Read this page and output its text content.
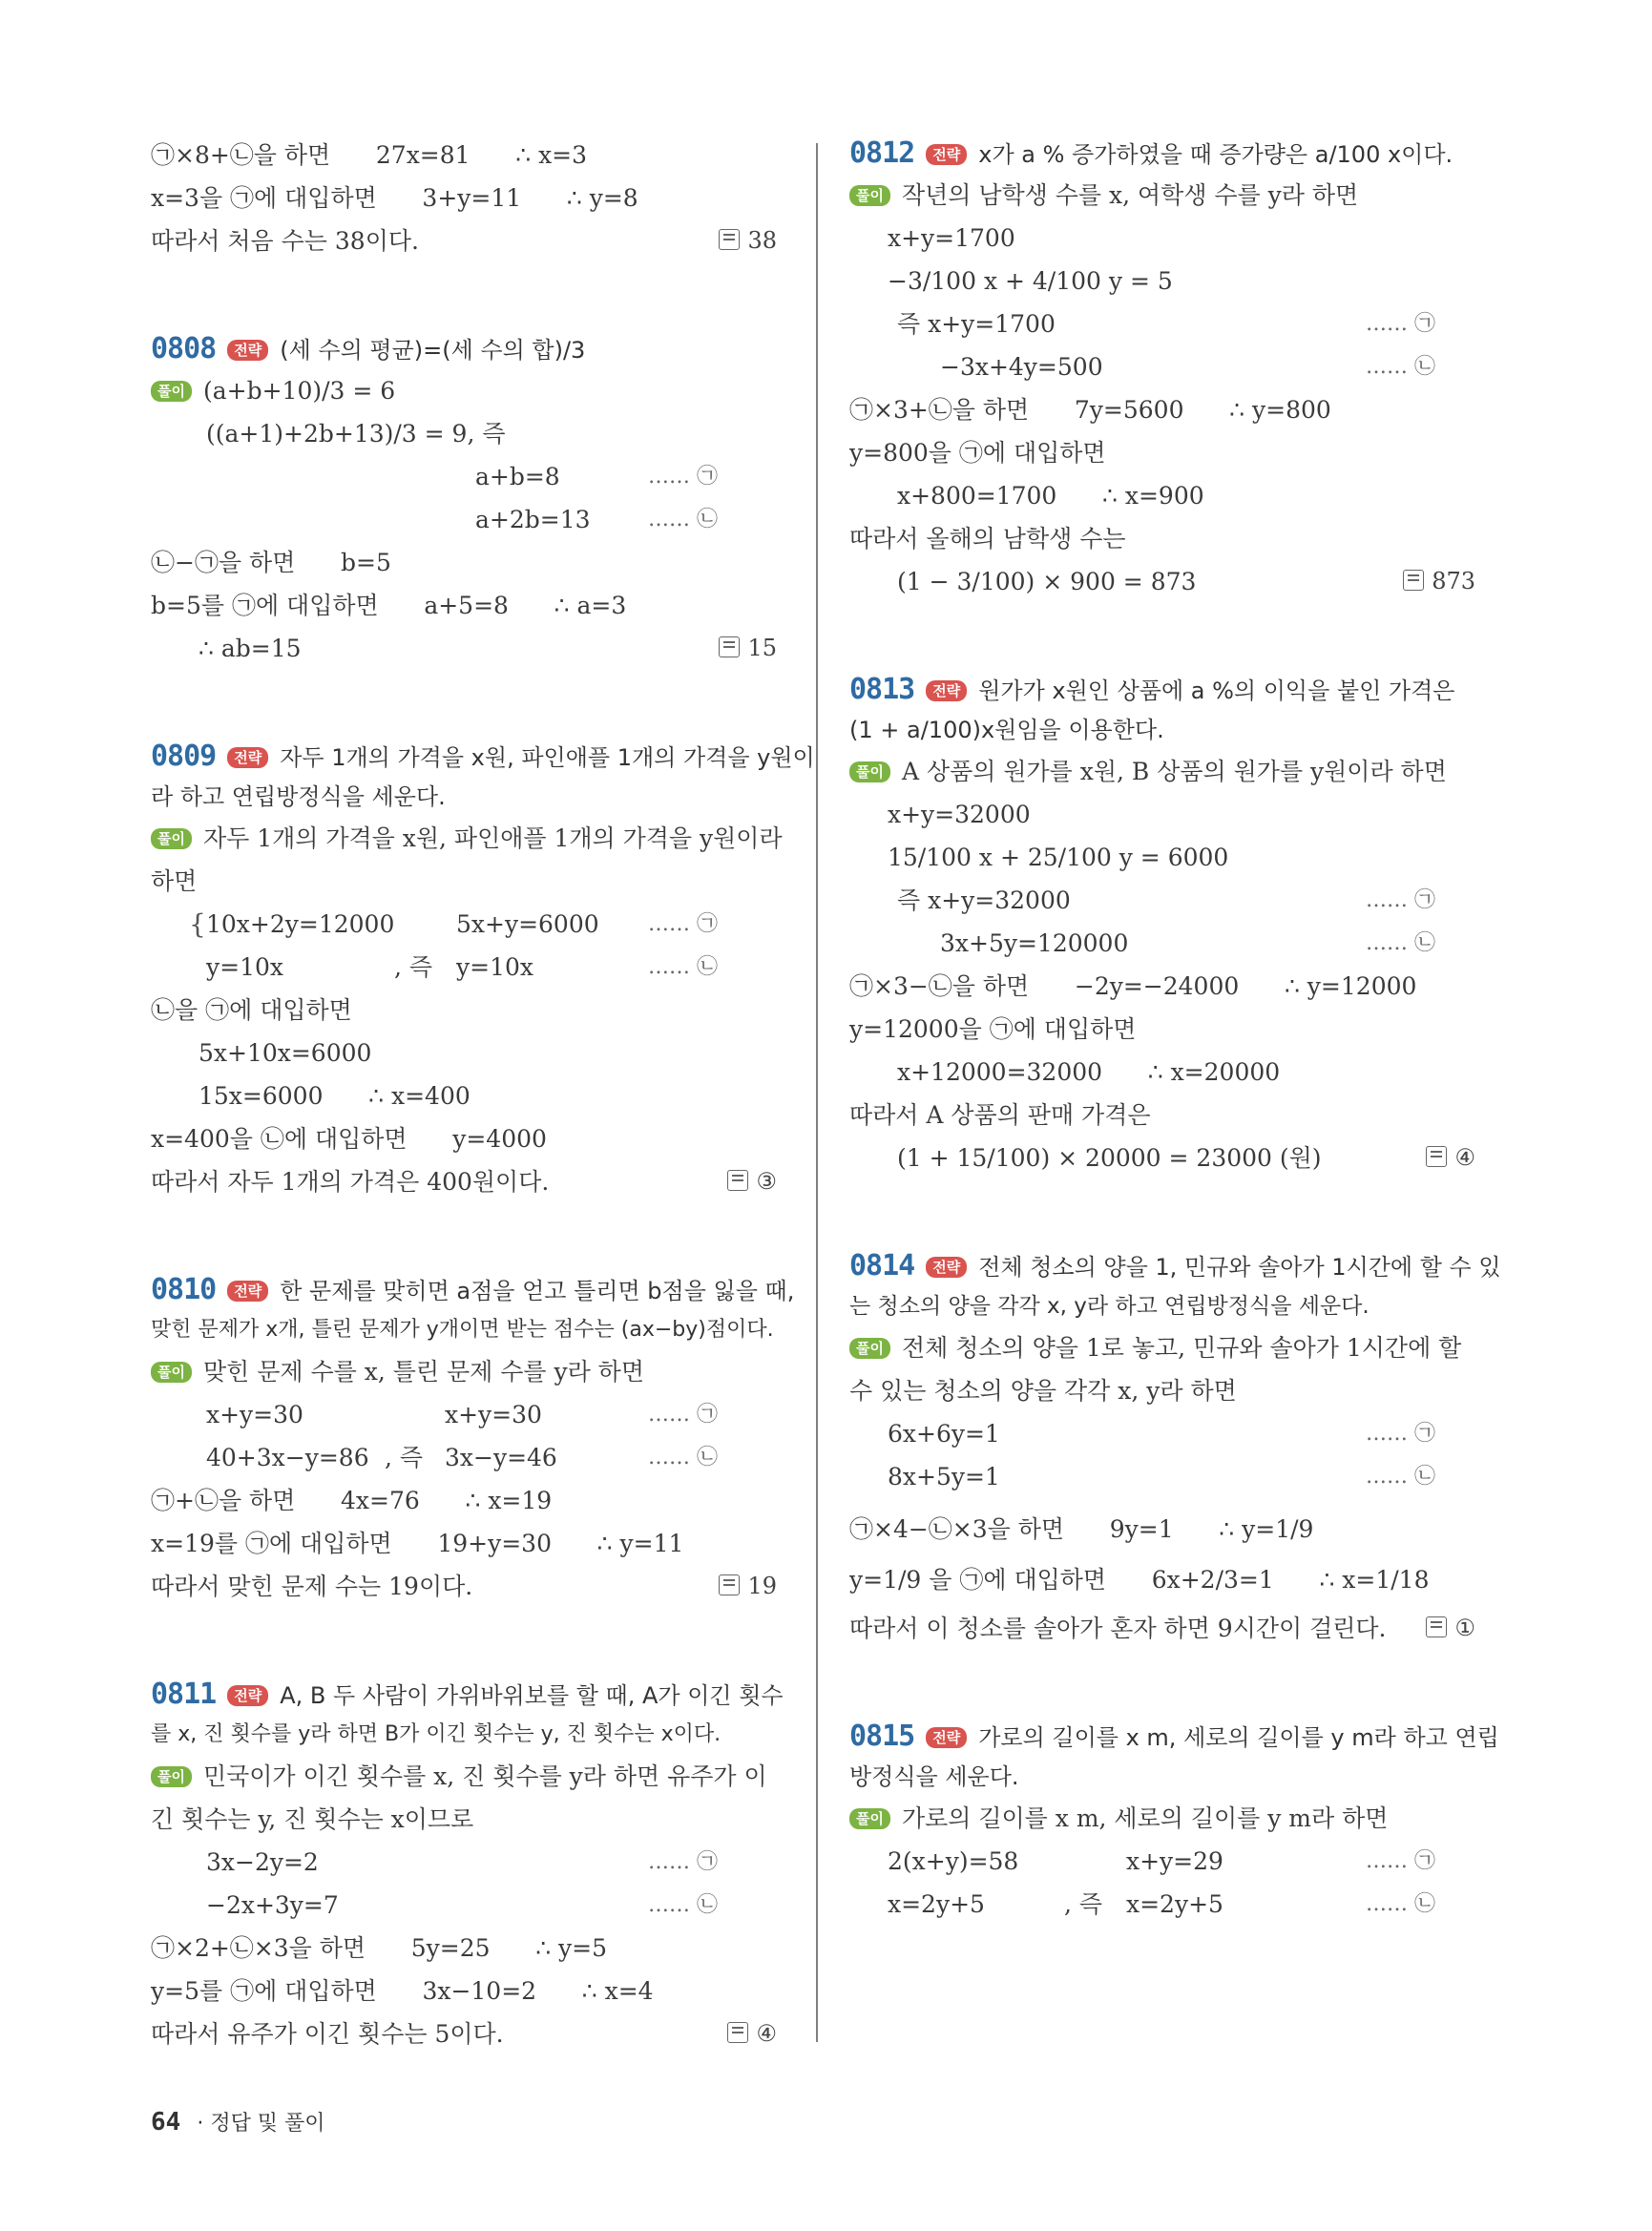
㉠×8+㉡을 하면      27x=81      ∴ x=3
x=3을 ㉠에 대입하면      3+y=11      ∴ y=8
따라서 처음 수는 38이다.	38
0808 전략 (세 수의 평균)=(세 수의 합)/3
풀이 (a+b+10)/3 = 6
((a+1)+2b+13)/3 = 9, 즉
a+b=8	…… ㉠
a+2b=13	…… ㉡
㉡−㉠을 하면      b=5
b=5를 ㉠에 대입하면      a+5=8      ∴ a=3
∴ ab=15	15
0809 전략 자두 1개의 가격을 x원, 파인애플 1개의 가격을 y원이
라 하고 연립방정식을 세운다.
풀이 자두 1개의 가격을 x원, 파인애플 1개의 가격을 y원이라
하면
{ 10x+2y=12000	5x+y=6000 …… ㉠
y=10x	, 즉 y=10x	…… ㉡
㉡을 ㉠에 대입하면
5x+10x=6000
15x=6000      ∴ x=400
x=400을 ㉡에 대입하면      y=4000
따라서 자두 1개의 가격은 400원이다.	③
0810 전략 한 문제를 맞히면 a점을 얻고 틀리면 b점을 잃을 때,
맞힌 문제가 x개, 틀린 문제가 y개이면 받는 점수는 (ax−by)점이다.
풀이 맞힌 문제 수를 x, 틀린 문제 수를 y라 하면
x+y=30	x+y=30	…… ㉠
40+3x−y=86 , 즉 3x−y=46	…… ㉡
㉠+㉡을 하면      4x=76      ∴ x=19
x=19를 ㉠에 대입하면      19+y=30      ∴ y=11
따라서 맞힌 문제 수는 19이다.	19
0811 전략 A, B 두 사람이 가위바위보를 할 때, A가 이긴 횟수
를 x, 진 횟수를 y라 하면 B가 이긴 횟수는 y, 진 횟수는 x이다.
풀이 민국이가 이긴 횟수를 x, 진 횟수를 y라 하면 유주가 이
긴 횟수는 y, 진 횟수는 x이므로
3x−2y=2	…… ㉠
−2x+3y=7	…… ㉡
㉠×2+㉡×3을 하면      5y=25      ∴ y=5
y=5를 ㉠에 대입하면      3x−10=2      ∴ x=4
따라서 유주가 이긴 횟수는 5이다.	④
0812 전략 x가 a % 증가하였을 때 증가량은 a/100 x이다.
풀이 작년의 남학생 수를 x, 여학생 수를 y라 하면
x+y=1700
−3/100 x + 4/100 y = 5
즉 x+y=1700	…… ㉠
−3x+4y=500	…… ㉡
㉠×3+㉡을 하면      7y=5600      ∴ y=800
y=800을 ㉠에 대입하면
x+800=1700      ∴ x=900
따라서 올해의 남학생 수는
(1 − 3/100) × 900 = 873	873
0813 전략 원가가 x원인 상품에 a %의 이익을 붙인 가격은
(1 + a/100)x원임을 이용한다.
풀이 A 상품의 원가를 x원, B 상품의 원가를 y원이라 하면
x+y=32000
15/100 x + 25/100 y = 6000
즉 x+y=32000	…… ㉠
3x+5y=120000	…… ㉡
㉠×3−㉡을 하면      −2y=−24000      ∴ y=12000
y=12000을 ㉠에 대입하면
x+12000=32000      ∴ x=20000
따라서 A 상품의 판매 가격은
(1 + 15/100) × 20000 = 23000 (원)	④
0814 전략 전체 청소의 양을 1, 민규와 솔아가 1시간에 할 수 있
는 청소의 양을 각각 x, y라 하고 연립방정식을 세운다.
풀이 전체 청소의 양을 1로 놓고, 민규와 솔아가 1시간에 할
수 있는 청소의 양을 각각 x, y라 하면
6x+6y=1	…… ㉠
8x+5y=1	…… ㉡
㉠×4−㉡×3을 하면      9y=1      ∴ y=1/9
y=1/9 을 ㉠에 대입하면      6x+2/3=1      ∴ x=1/18
따라서 이 청소를 솔아가 혼자 하면 9시간이 걸린다.	①
0815 전략 가로의 길이를 x m, 세로의 길이를 y m라 하고 연립
방정식을 세운다.
풀이 가로의 길이를 x m, 세로의 길이를 y m라 하면
2(x+y)=58	x+y=29	…… ㉠
x=2y+5	, 즉 x=2y+5	…… ㉡
64 · 정답 및 풀이
